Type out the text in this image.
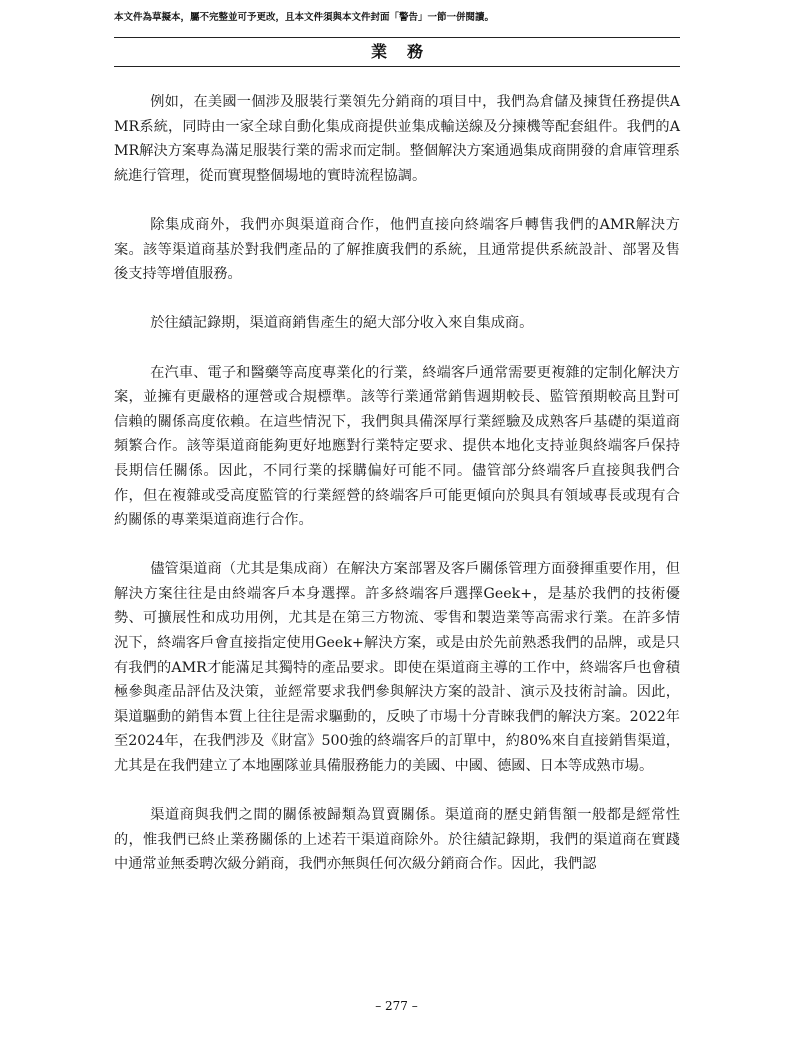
本文件為草擬本，屬不完整並可予更改，且本文件須與本文件封面「警告」一節一併閱讀。
業務

例如，在美國一個涉及服裝行業領先分銷商的項目中，我們為倉儲及揀貨任務提供AMR系統，同時由一家全球自動化集成商提供並集成輸送線及分揀機等配套組件。我們的AMR解決方案專為滿足服裝行業的需求而定制。整個解決方案通過集成商開發的倉庫管理系統進行管理，從而實現整個場地的實時流程協調。

除集成商外，我們亦與渠道商合作，他們直接向終端客戶轉售我們的AMR解決方案。該等渠道商基於對我們產品的了解推廣我們的系統，且通常提供系統設計、部署及售後支持等增值服務。

於往績記錄期，渠道商銷售產生的絕大部分收入來自集成商。

在汽車、電子和醫藥等高度專業化的行業，終端客戶通常需要更複雜的定制化解決方案，並擁有更嚴格的運營或合規標準。該等行業通常銷售週期較長、監管預期較高且對可信賴的關係高度依賴。在這些情況下，我們與具備深厚行業經驗及成熟客戶基礎的渠道商頻繁合作。該等渠道商能夠更好地應對行業特定要求、提供本地化支持並與終端客戶保持長期信任關係。因此，不同行業的採購偏好可能不同。儘管部分終端客戶直接與我們合作，但在複雜或受高度監管的行業經營的終端客戶可能更傾向於與具有領域專長或現有合約關係的專業渠道商進行合作。

儘管渠道商（尤其是集成商）在解決方案部署及客戶關係管理方面發揮重要作用，但解決方案往往是由終端客戶本身選擇。許多終端客戶選擇Geek+，是基於我們的技術優勢、可擴展性和成功用例，尤其是在第三方物流、零售和製造業等高需求行業。在許多情況下，終端客戶會直接指定使用Geek+解決方案，或是由於先前熟悉我們的品牌，或是只有我們的AMR才能滿足其獨特的產品要求。即使在渠道商主導的工作中，終端客戶也會積極參與產品評估及決策，並經常要求我們參與解決方案的設計、演示及技術討論。因此，渠道驅動的銷售本質上往往是需求驅動的，反映了市場十分青睞我們的解決方案。2022年至2024年，在我們涉及《財富》500強的終端客戶的訂單中，約80%來自直接銷售渠道，尤其是在我們建立了本地團隊並具備服務能力的美國、中國、德國、日本等成熟市場。

渠道商與我們之間的關係被歸類為買賣關係。渠道商的歷史銷售額一般都是經常性的，惟我們已終止業務關係的上述若干渠道商除外。於往績記錄期，我們的渠道商在實踐中通常並無委聘次級分銷商，我們亦無與任何次級分銷商合作。因此，我們認

– 277 –
